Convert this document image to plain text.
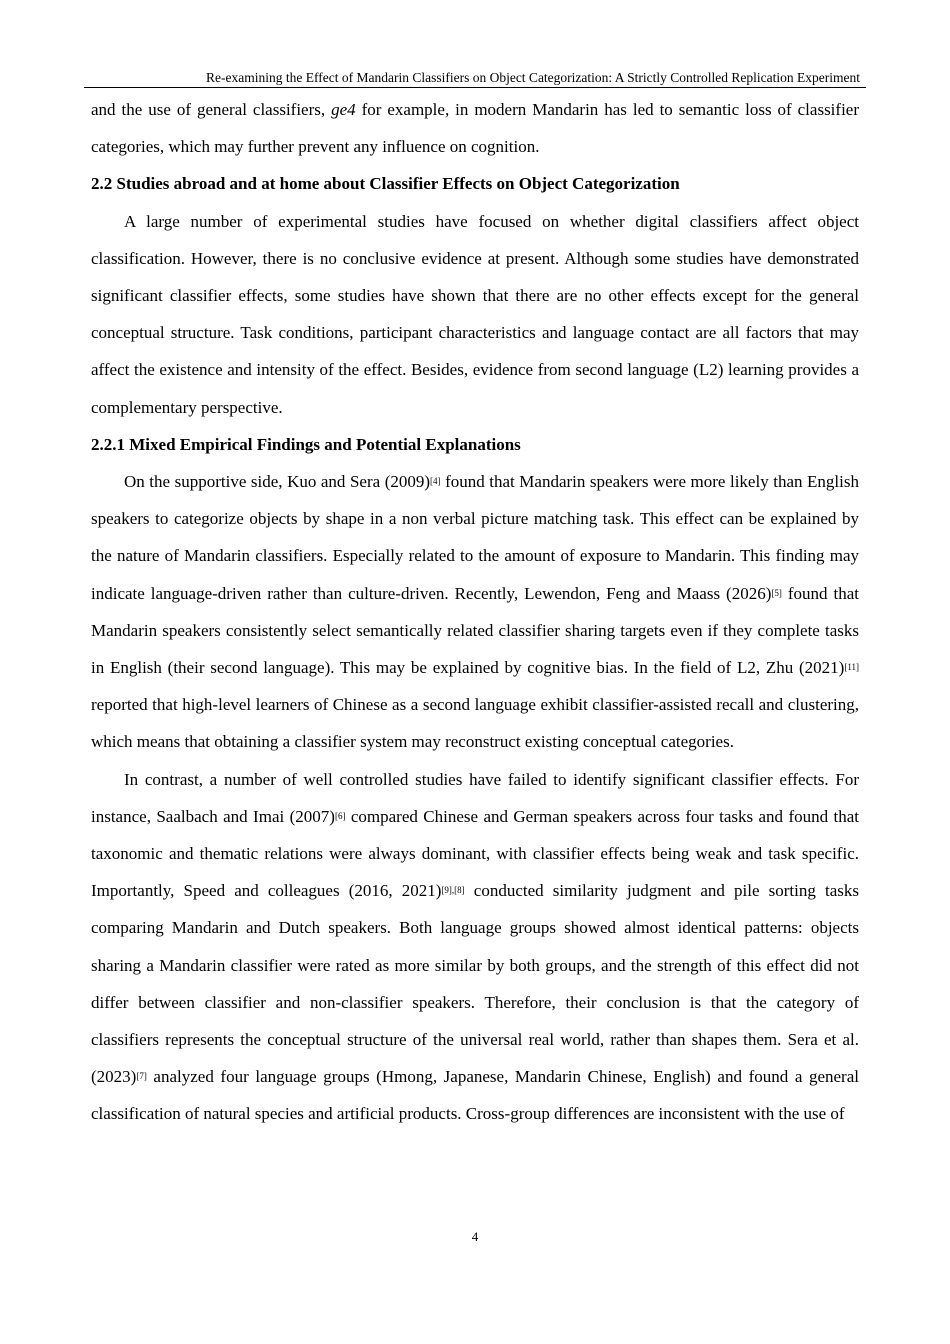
Re-examining the Effect of Mandarin Classifiers on Object Categorization: A Strictly Controlled Replication Experiment

and the use of general classifiers, ge4 for example, in modern Mandarin has led to semantic loss of classifier categories, which may further prevent any influence on cognition.

2.2 Studies abroad and at home about Classifier Effects on Object Categorization

A large number of experimental studies have focused on whether digital classifiers affect object classification. However, there is no conclusive evidence at present. Although some studies have demonstrated significant classifier effects, some studies have shown that there are no other effects except for the general conceptual structure. Task conditions, participant characteristics and language contact are all factors that may affect the existence and intensity of the effect. Besides, evidence from second language (L2) learning provides a complementary perspective.

2.2.1 Mixed Empirical Findings and Potential Explanations

On the supportive side, Kuo and Sera (2009)[4] found that Mandarin speakers were more likely than English speakers to categorize objects by shape in a non verbal picture matching task. This effect can be explained by the nature of Mandarin classifiers. Especially related to the amount of exposure to Mandarin. This finding may indicate language-driven rather than culture-driven. Recently, Lewendon, Feng and Maass (2026)[5] found that Mandarin speakers consistently select semantically related classifier sharing targets even if they complete tasks in English (their second language). This may be explained by cognitive bias. In the field of L2, Zhu (2021)[11] reported that high-level learners of Chinese as a second language exhibit classifier-assisted recall and clustering, which means that obtaining a classifier system may reconstruct existing conceptual categories.

In contrast, a number of well controlled studies have failed to identify significant classifier effects. For instance, Saalbach and Imai (2007)[6] compared Chinese and German speakers across four tasks and found that taxonomic and thematic relations were always dominant, with classifier effects being weak and task specific. Importantly, Speed and colleagues (2016, 2021)[9],[8] conducted similarity judgment and pile sorting tasks comparing Mandarin and Dutch speakers. Both language groups showed almost identical patterns: objects sharing a Mandarin classifier were rated as more similar by both groups, and the strength of this effect did not differ between classifier and non-classifier speakers. Therefore, their conclusion is that the category of classifiers represents the conceptual structure of the universal real world, rather than shapes them. Sera et al. (2023)[7] analyzed four language groups (Hmong, Japanese, Mandarin Chinese, English) and found a general classification of natural species and artificial products. Cross-group differences are inconsistent with the use of

4
